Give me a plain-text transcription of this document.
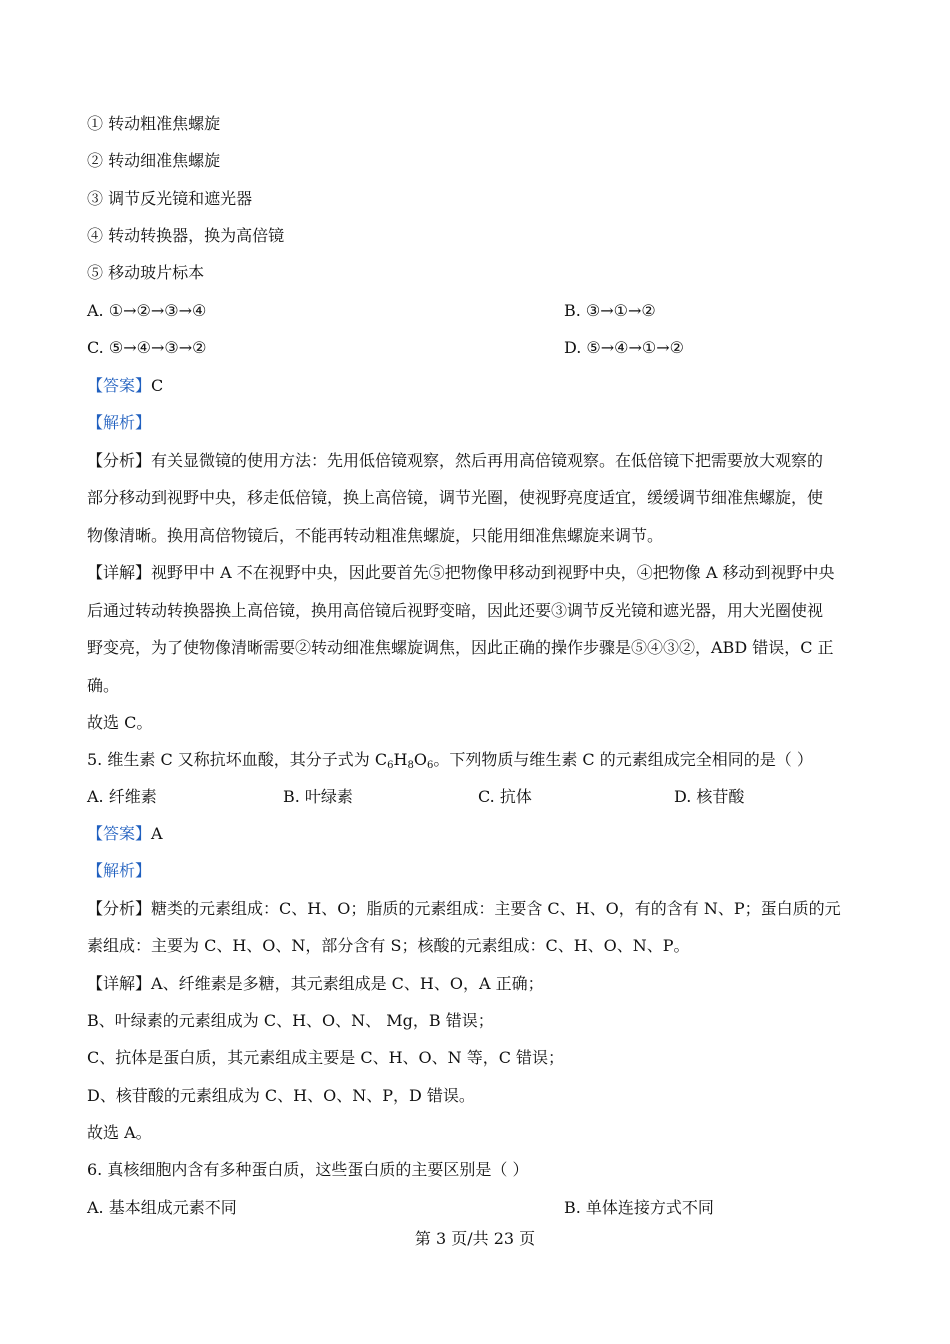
① 转动粗准焦螺旋
② 转动细准焦螺旋
③ 调节反光镜和遮光器
④ 转动转换器，换为高倍镜
⑤ 移动玻片标本
A. ①→②→③→④	B. ③→①→②
C. ⑤→④→③→②	D. ⑤→④→①→②
【答案】C
【解析】
【分析】有关显微镜的使用方法：先用低倍镜观察，然后再用高倍镜观察。在低倍镜下把需要放大观察的
部分移动到视野中央，移走低倍镜，换上高倍镜，调节光圈，使视野亮度适宜，缓缓调节细准焦螺旋，使
物像清晰。换用高倍物镜后，不能再转动粗准焦螺旋，只能用细准焦螺旋来调节。
【详解】视野甲中 A 不在视野中央，因此要首先⑤把物像甲移动到视野中央，④把物像 A 移动到视野中央
后通过转动转换器换上高倍镜，换用高倍镜后视野变暗，因此还要③调节反光镜和遮光器，用大光圈使视
野变亮，为了使物像清晰需要②转动细准焦螺旋调焦，因此正确的操作步骤是⑤④③②，ABD 错误，C 正
确。
故选 C。
5. 维生素 C 又称抗坏血酸，其分子式为 $C_6H_8O_6$。下列物质与维生素 C 的元素组成完全相同的是（ ）
A. 纤维素	B. 叶绿素	C. 抗体	D. 核苷酸
【答案】A
【解析】
【分析】糖类的元素组成：C、H、O；脂质的元素组成：主要含 C、H、O，有的含有 N、P；蛋白质的元
素组成：主要为 C、H、O、N，部分含有 S；核酸的元素组成：C、H、O、N、P。
【详解】A、纤维素是多糖，其元素组成是 C、H、O，A 正确；
B、叶绿素的元素组成为 C、H、O、N、 Mg，B 错误；
C、抗体是蛋白质，其元素组成主要是 C、H、O、N 等，C 错误；
D、核苷酸的元素组成为 C、H、O、N、P，D 错误。
故选 A。
6. 真核细胞内含有多种蛋白质，这些蛋白质的主要区别是（ ）
A. 基本组成元素不同	B. 单体连接方式不同
第 3 页/共 23 页
